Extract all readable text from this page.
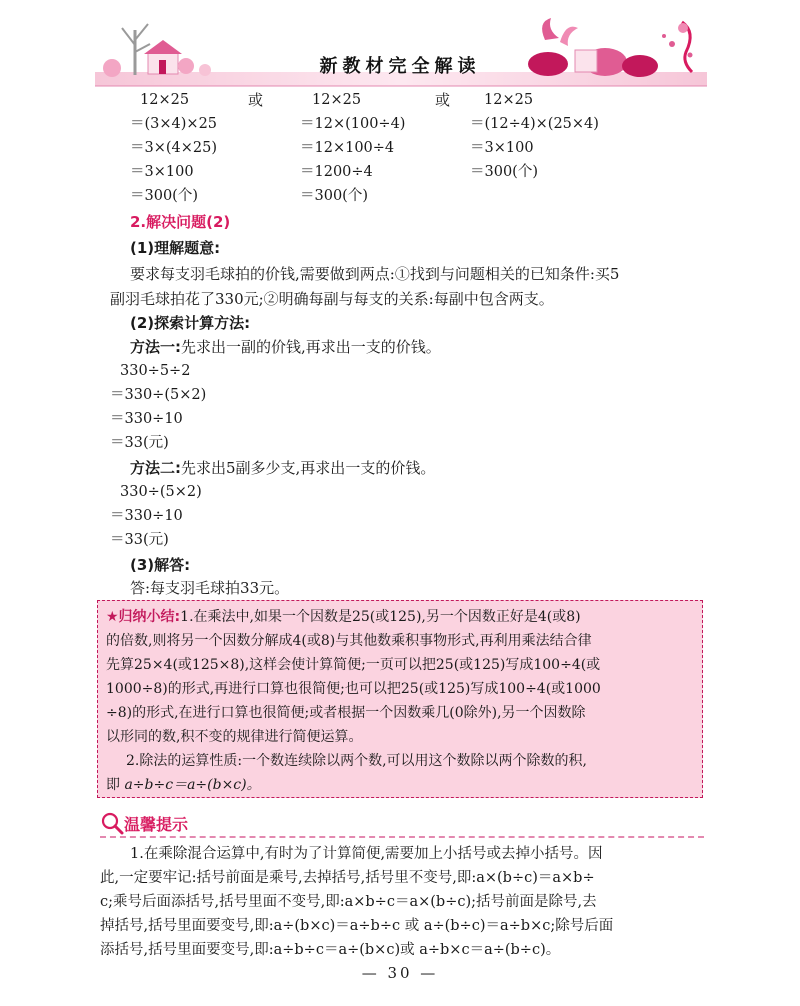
新教材完全解读
12×25
＝(3×4)×25
＝3×(4×25)
＝3×100
＝300(个)
或	12×25
＝12×(100÷4)
＝12×100÷4
＝1200÷4
＝300(个)
或 12×25
＝(12÷4)×(25×4)
＝3×100
＝300(个)
2.解决问题(2)
(1)理解题意:
要求每支羽毛球拍的价钱,需要做到两点:①找到与问题相关的已知条件:买5
副羽毛球拍花了330元;②明确每副与每支的关系:每副中包含两支。
(2)探索计算方法:
方法一:先求出一副的价钱,再求出一支的价钱。
330÷5÷2
＝330÷(5×2)
＝330÷10
＝33(元)
方法二:先求出5副多少支,再求出一支的价钱。
330÷(5×2)
＝330÷10
＝33(元)
(3)解答:
答:每支羽毛球拍33元。
★归纳小结:1.在乘法中,如果一个因数是25(或125),另一个因数正好是4(或8)
的倍数,则将另一个因数分解成4(或8)与其他数乘积事物形式,再利用乘法结合律
先算25×4(或125×8),这样会使计算简便;一页可以把25(或125)写成100÷4(或
1000÷8)的形式,再进行口算也很简便;也可以把25(或125)写成100÷4(或1000
÷8)的形式,在进行口算也很简便;或者根据一个因数乘几(0除外),另一个因数除
以形同的数,积不变的规律进行简便运算。
2.除法的运算性质:一个数连续除以两个数,可以用这个数除以两个除数的积,
即 a÷b÷c＝a÷(b×c)。
温馨提示
1.在乘除混合运算中,有时为了计算简便,需要加上小括号或去掉小括号。因
此,一定要牢记:括号前面是乘号,去掉括号,括号里不变号,即:a×(b÷c)＝a×b÷
c;乘号后面添括号,括号里面不变号,即:a×b÷c＝a×(b÷c);括号前面是除号,去
掉括号,括号里面要变号,即:a÷(b×c)＝a÷b÷c 或 a÷(b÷c)＝a÷b×c;除号后面
添括号,括号里面要变号,即:a÷b÷c＝a÷(b×c)或 a÷b×c＝a÷(b÷c)。
— 30 —
